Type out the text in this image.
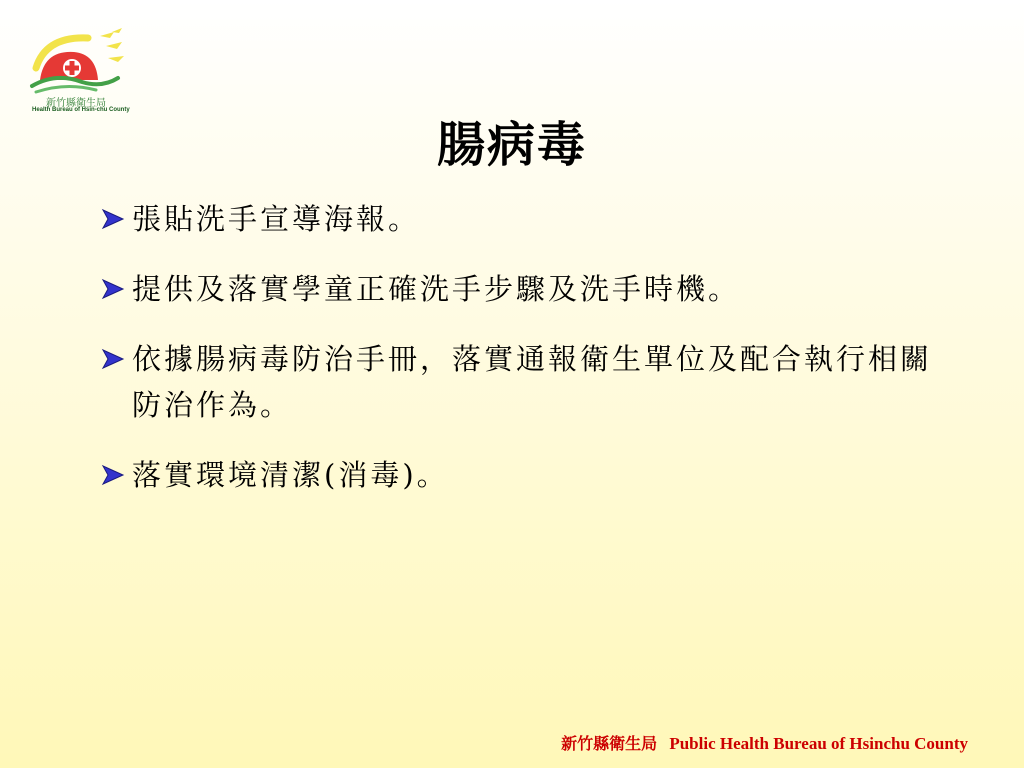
新竹縣衛生局
Health Bureau of Hsin-chu County
腸病毒
張貼洗手宣導海報。
提供及落實學童正確洗手步驟及洗手時機。
依據腸病毒防治手冊，落實通報衛生單位及配合執行相關防治作為。
落實環境清潔(消毒)。
新竹縣衛生局 Public Health Bureau of Hsinchu County
